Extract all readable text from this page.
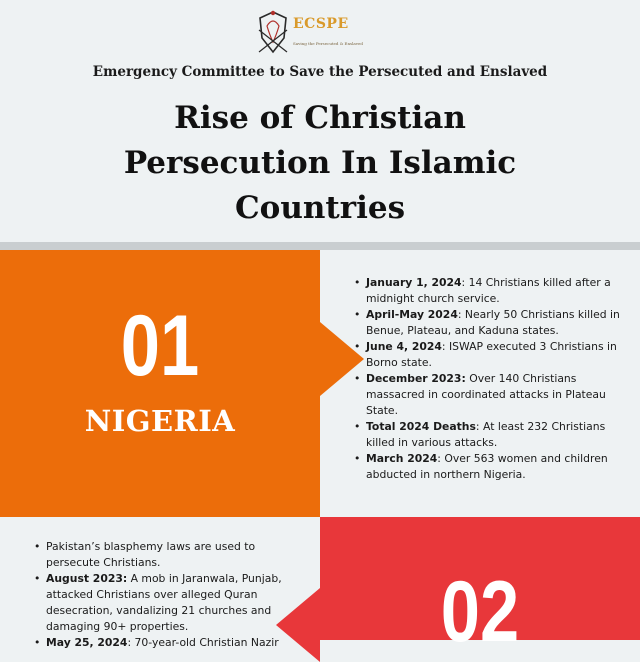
ECSPE
Saving the Persecuted & Enslaved
Emergency Committee to Save the Persecuted and Enslaved
Rise of Christian
Persecution In Islamic
Countries
01
NIGERIA
• January 1, 2024: 14 Christians killed after a midnight church service.
• April-May 2024: Nearly 50 Christians killed in Benue, Plateau, and Kaduna states.
• June 4, 2024: ISWAP executed 3 Christians in Borno state.
• December 2023: Over 140 Christians massacred in coordinated attacks in Plateau State.
• Total 2024 Deaths: At least 232 Christians killed in various attacks.
• March 2024: Over 563 women and children abducted in northern Nigeria.
02
• Pakistan’s blasphemy laws are used to persecute Christians.
• August 2023: A mob in Jaranwala, Punjab, attacked Christians over alleged Quran desecration, vandalizing 21 churches and damaging 90+ properties.
• May 25, 2024: 70-year-old Christian Nazir
